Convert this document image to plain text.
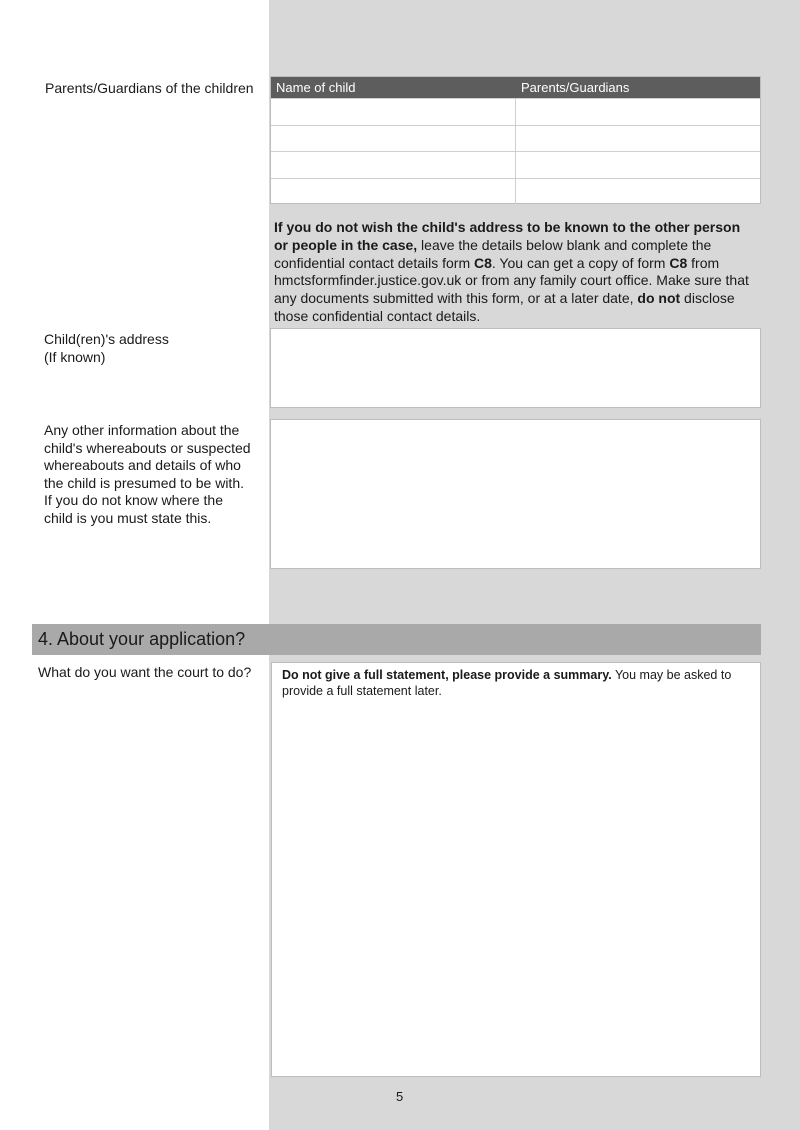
Parents/Guardians of the children	Name of child	Parents/Guardians
If you do not wish the child's address to be known to the other person or people in the case, leave the details below blank and complete the confidential contact details form C8. You can get a copy of form C8 from hmctsformfinder.justice.gov.uk or from any family court office. Make sure that any documents submitted with this form, or at a later date, do not disclose those confidential contact details.
Child(ren)'s address
(If known)
Any other information about the child's whereabouts or suspected whereabouts and details of who the child is presumed to be with. If you do not know where the child is you must state this.
4. About your application?
What do you want the court to do?	Do not give a full statement, please provide a summary. You may be asked to provide a full statement later.
5
